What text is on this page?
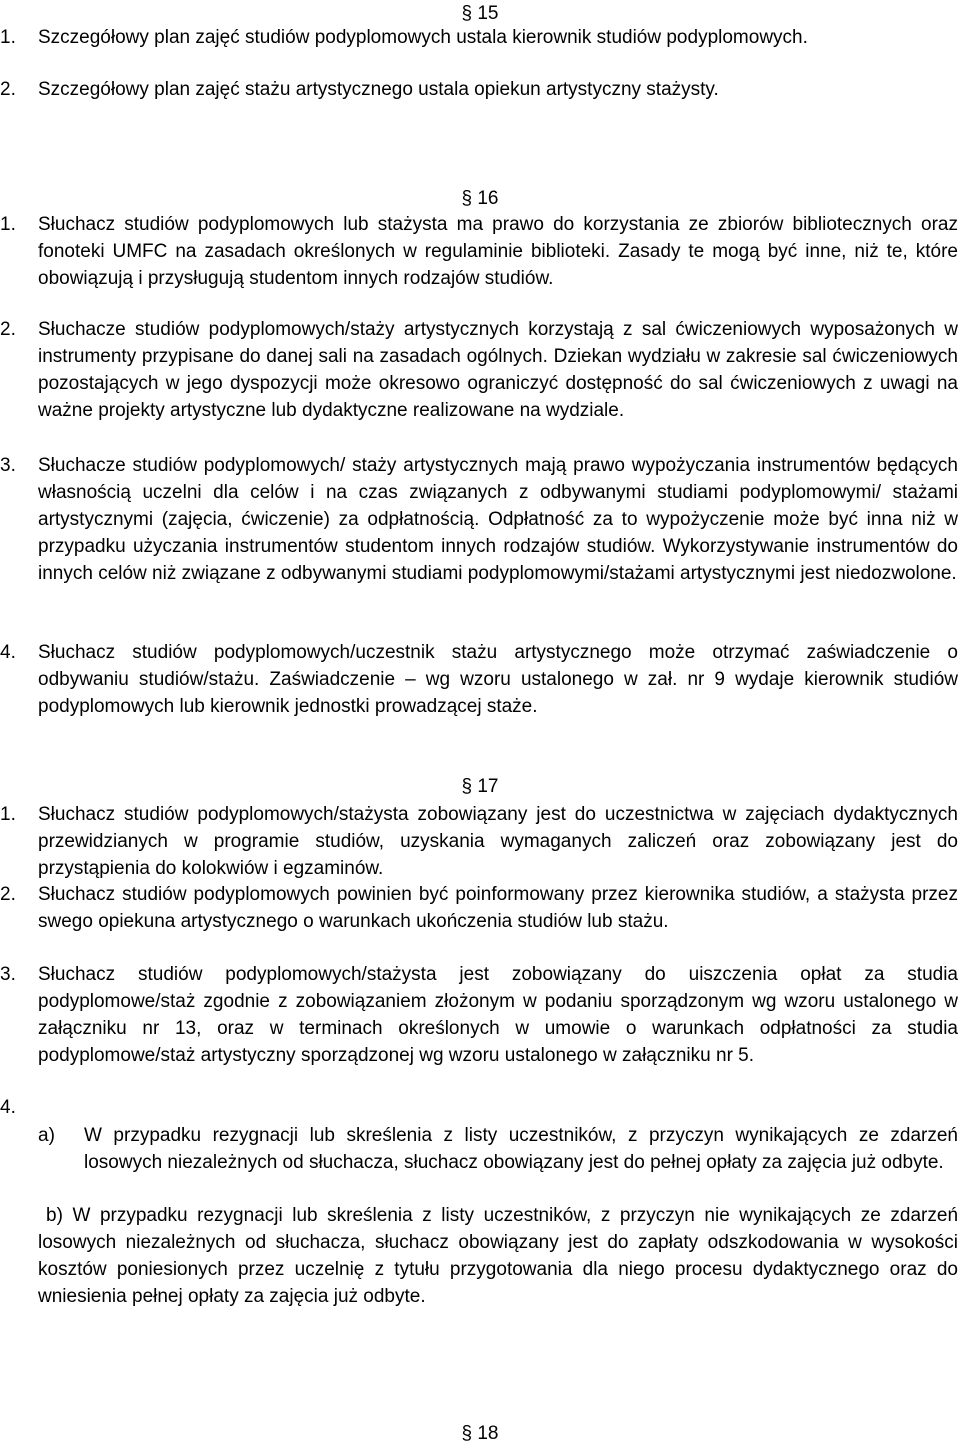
§ 15
1.	Szczegółowy plan zajęć studiów podyplomowych ustala kierownik studiów podyplomowych.
2.	Szczegółowy plan zajęć stażu artystycznego ustala opiekun artystyczny stażysty.
§ 16
1.	Słuchacz studiów podyplomowych lub stażysta ma prawo do korzystania ze zbiorów bibliotecznych oraz fonoteki UMFC na zasadach określonych w regulaminie biblioteki. Zasady te mogą być inne, niż te, które obowiązują i przysługują studentom innych rodzajów studiów.
2.	Słuchacze studiów podyplomowych/staży artystycznych korzystają z sal ćwiczeniowych wyposażonych w instrumenty przypisane do danej sali na zasadach ogólnych. Dziekan wydziału w zakresie sal ćwiczeniowych pozostających w jego dyspozycji może okresowo ograniczyć dostępność do sal ćwiczeniowych z uwagi na ważne projekty artystyczne lub dydaktyczne realizowane na wydziale.
3.	Słuchacze studiów podyplomowych/ staży artystycznych mają prawo wypożyczania instrumentów będących własnością uczelni dla celów i na czas związanych z odbywanymi studiami podyplomowymi/ stażami artystycznymi (zajęcia, ćwiczenie) za odpłatnością. Odpłatność za to wypożyczenie może być inna niż w przypadku użyczania instrumentów studentom innych rodzajów studiów. Wykorzystywanie instrumentów do innych celów niż związane z odbywanymi studiami podyplomowymi/stażami artystycznymi jest niedozwolone.
4.	Słuchacz studiów podyplomowych/uczestnik stażu artystycznego może otrzymać zaświadczenie o odbywaniu studiów/stażu. Zaświadczenie – wg wzoru ustalonego w zał. nr 9 wydaje kierownik studiów podyplomowych lub kierownik jednostki prowadzącej staże.
§ 17
1.	Słuchacz studiów podyplomowych/stażysta zobowiązany jest do uczestnictwa w zajęciach dydaktycznych przewidzianych w programie studiów, uzyskania wymaganych zaliczeń oraz zobowiązany jest do przystąpienia do kolokwiów i egzaminów.
2.	Słuchacz studiów podyplomowych powinien być poinformowany przez kierownika studiów, a stażysta przez swego opiekuna artystycznego o warunkach ukończenia studiów lub stażu.
3.	Słuchacz studiów podyplomowych/stażysta jest zobowiązany do uiszczenia opłat za studia podyplomowe/staż zgodnie z zobowiązaniem złożonym w podaniu sporządzonym wg wzoru ustalonego w załączniku nr 13, oraz w terminach określonych w umowie o warunkach odpłatności za studia podyplomowe/staż artystyczny sporządzonej wg wzoru ustalonego w załączniku nr 5.
4.
a)	W przypadku rezygnacji lub skreślenia z listy uczestników, z przyczyn wynikających ze zdarzeń losowych niezależnych od słuchacza, słuchacz obowiązany jest do pełnej opłaty za zajęcia już odbyte.
b) W przypadku rezygnacji lub skreślenia z listy uczestników, z przyczyn nie wynikających ze zdarzeń losowych niezależnych od słuchacza, słuchacz obowiązany jest do zapłaty odszkodowania w wysokości kosztów poniesionych przez uczelnię z tytułu przygotowania dla niego procesu dydaktycznego oraz do wniesienia pełnej opłaty za zajęcia już odbyte.
§ 18
